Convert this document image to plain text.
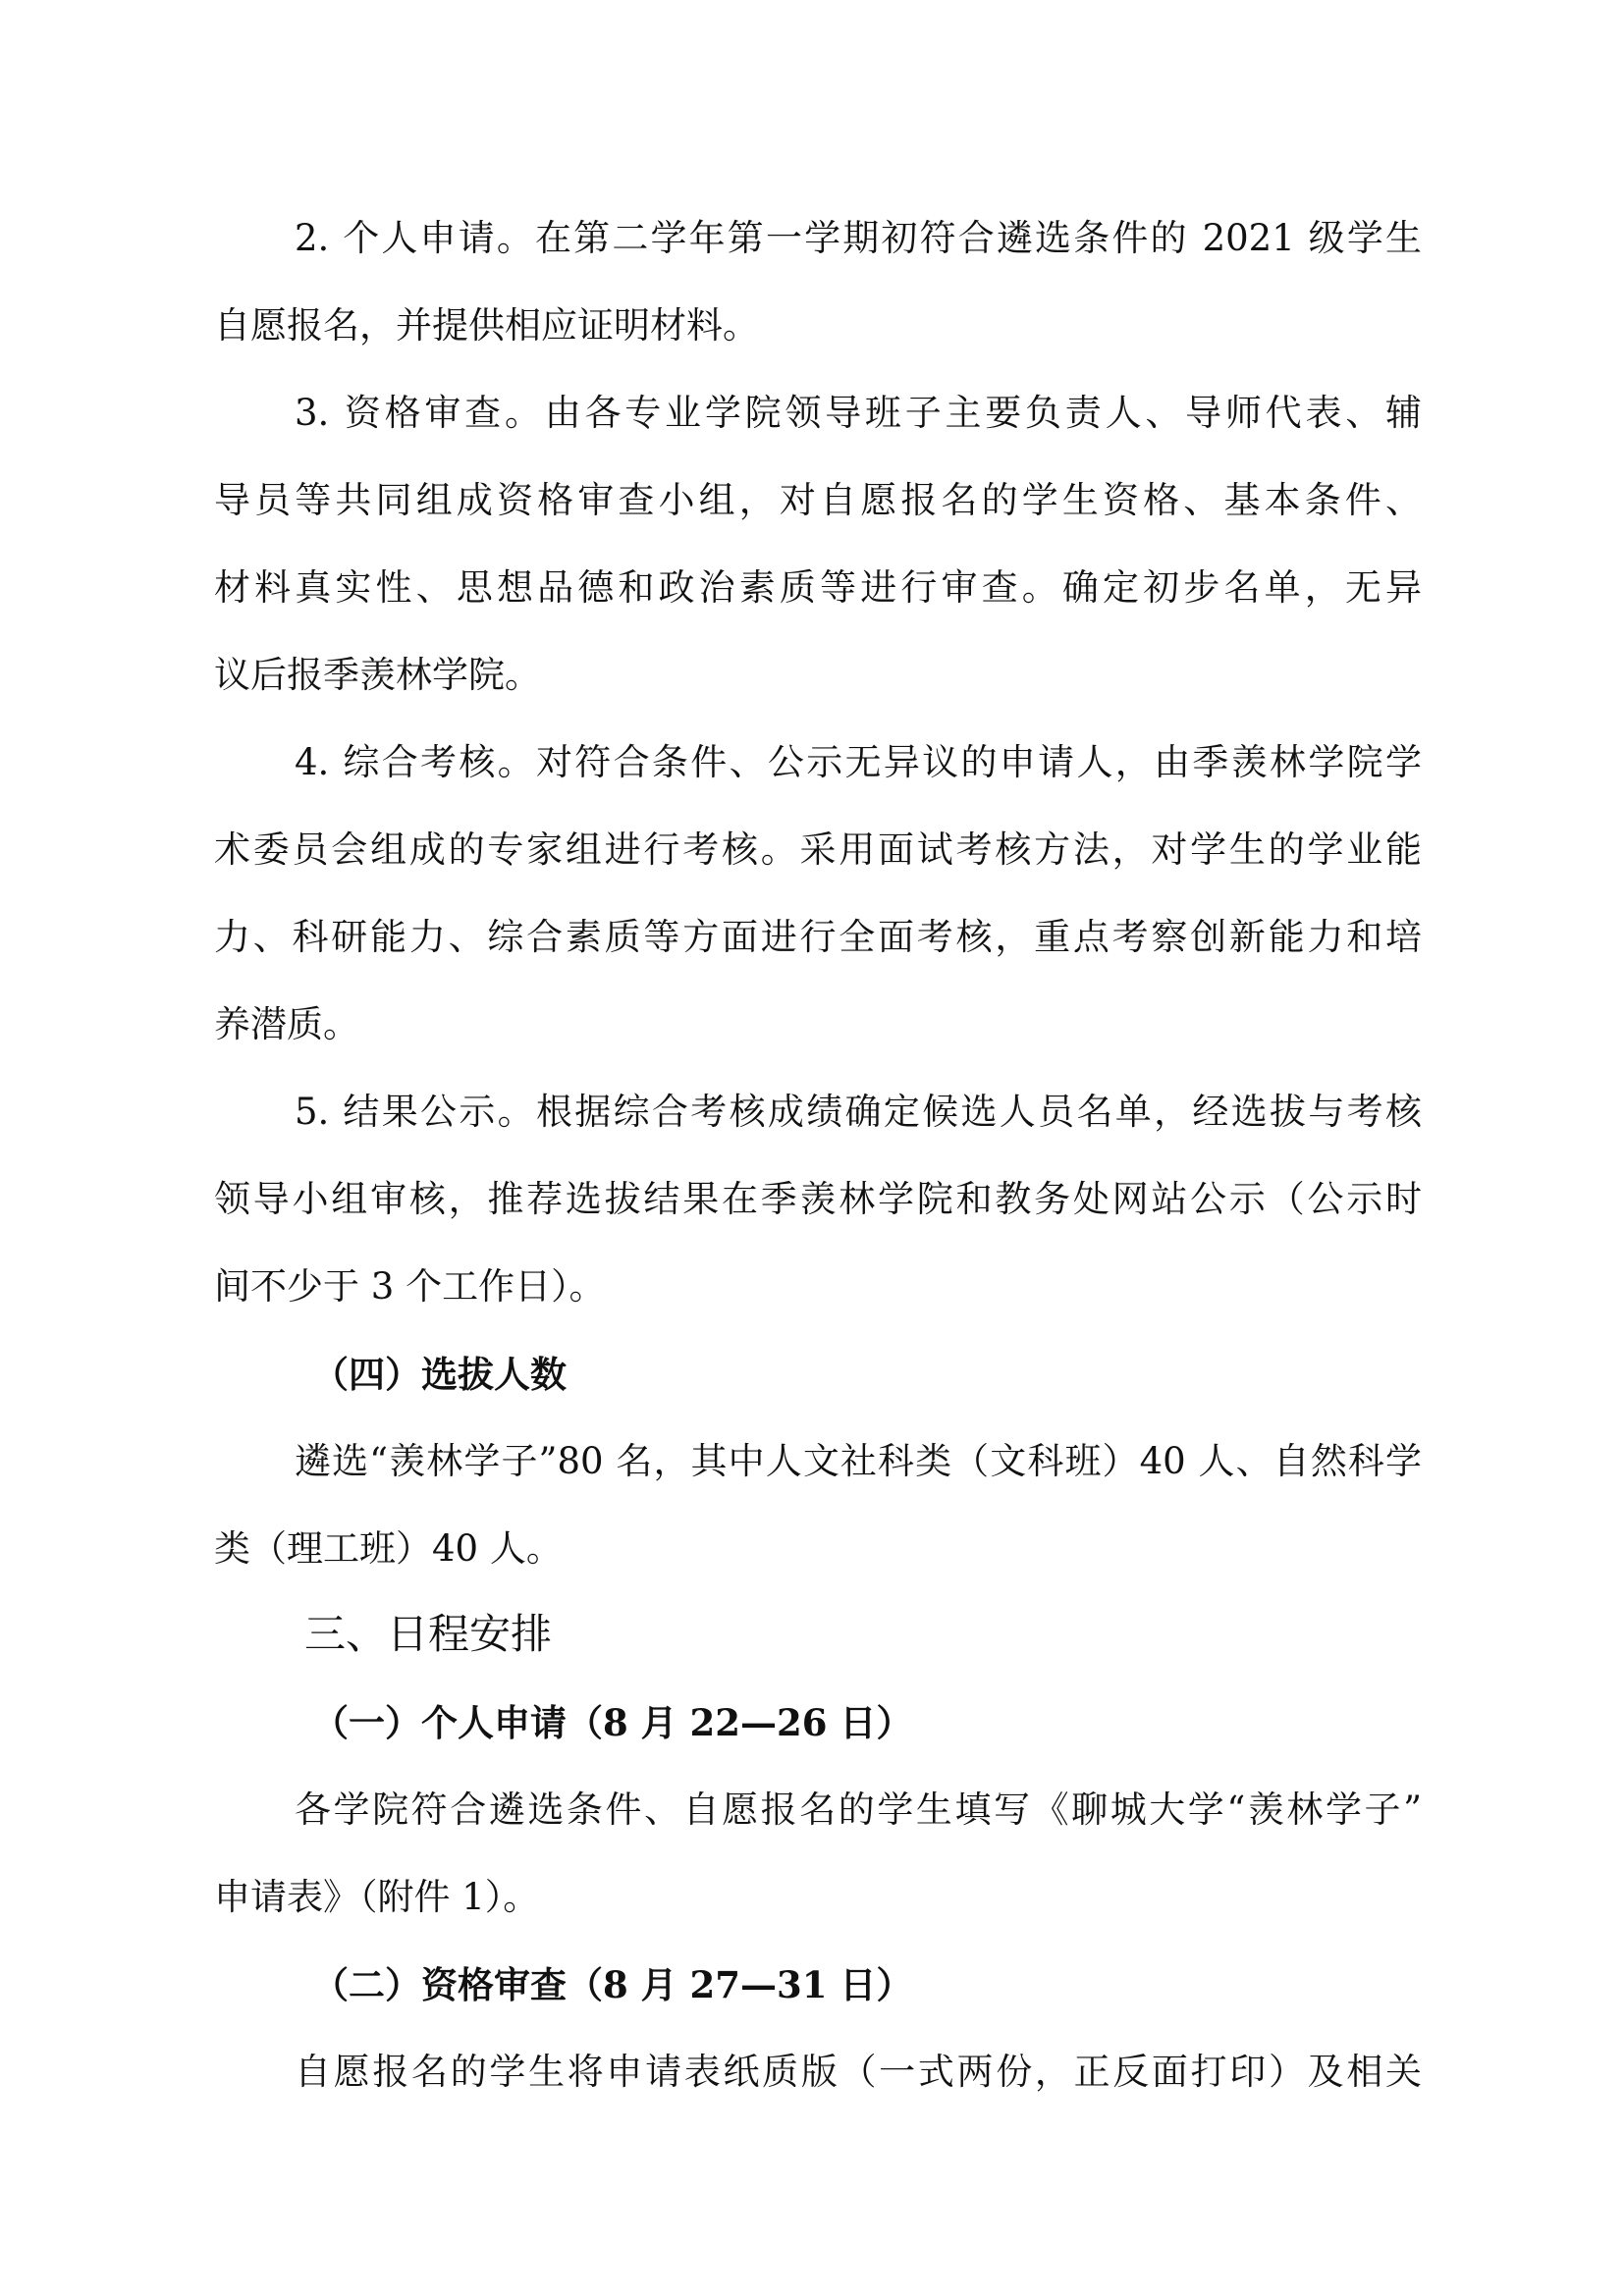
2. 个人申请。在第二学年第一学期初符合遴选条件的 2021 级学生
自愿报名，并提供相应证明材料。
3. 资格审查。由各专业学院领导班子主要负责人、导师代表、辅
导员等共同组成资格审查小组，对自愿报名的学生资格、基本条件、
材料真实性、思想品德和政治素质等进行审查。确定初步名单，无异
议后报季羡林学院。
4. 综合考核。对符合条件、公示无异议的申请人，由季羡林学院学
术委员会组成的专家组进行考核。采用面试考核方法，对学生的学业能
力、科研能力、综合素质等方面进行全面考核，重点考察创新能力和培
养潜质。
5. 结果公示。根据综合考核成绩确定候选人员名单，经选拔与考核
领导小组审核，推荐选拔结果在季羡林学院和教务处网站公示（公示时
间不少于 3 个工作日）。
（四）选拔人数
遴选“羡林学子”80 名，其中人文社科类（文科班）40 人、自然科学
类（理工班）40 人。
三、日程安排
（一）个人申请（8 月 22—26 日）
各学院符合遴选条件、自愿报名的学生填写《聊城大学“羡林学子”
申请表》（附件 1）。
（二）资格审查（8 月 27—31 日）
自愿报名的学生将申请表纸质版（一式两份，正反面打印）及相关
